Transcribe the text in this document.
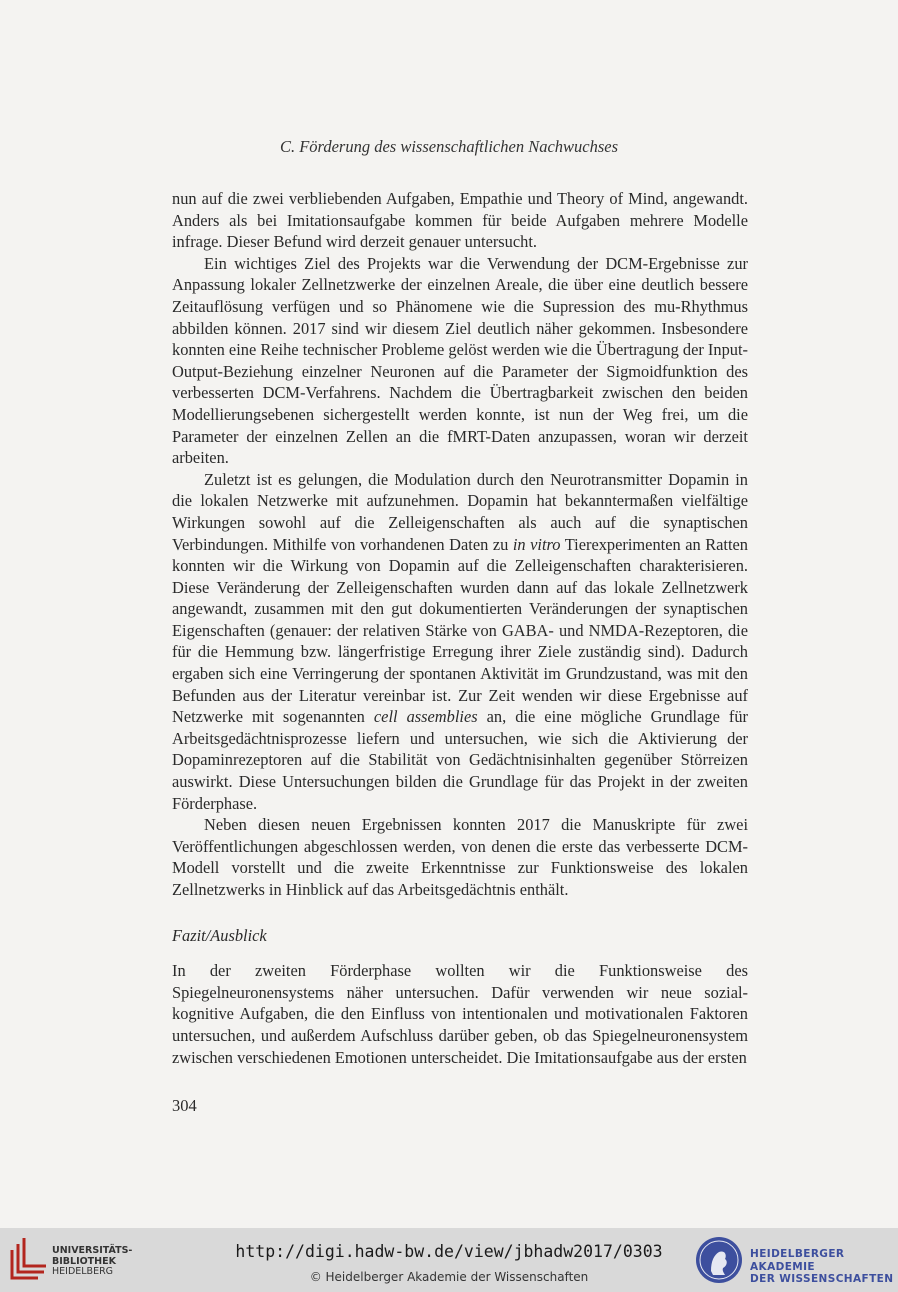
C. Förderung des wissenschaftlichen Nachwuchses

nun auf die zwei verbliebenden Aufgaben, Empathie und Theory of Mind, angewandt. Anders als bei Imitationsaufgabe kommen für beide Aufgaben mehrere Modelle infrage. Dieser Befund wird derzeit genauer untersucht.

Ein wichtiges Ziel des Projekts war die Verwendung der DCM-Ergebnisse zur Anpassung lokaler Zellnetzwerke der einzelnen Areale, die über eine deutlich bessere Zeitauflösung verfügen und so Phänomene wie die Supression des mu-Rhythmus abbilden können. 2017 sind wir diesem Ziel deutlich näher gekommen. Insbesondere konnten eine Reihe technischer Probleme gelöst werden wie die Übertragung der Input-Output-Beziehung einzelner Neuronen auf die Parameter der Sigmoidfunktion des verbesserten DCM-Verfahrens. Nachdem die Übertragbarkeit zwischen den beiden Modellierungsebenen sichergestellt werden konnte, ist nun der Weg frei, um die Parameter der einzelnen Zellen an die fMRT-Daten anzupassen, woran wir derzeit arbeiten.

Zuletzt ist es gelungen, die Modulation durch den Neurotransmitter Dopamin in die lokalen Netzwerke mit aufzunehmen. Dopamin hat bekanntermaßen vielfältige Wirkungen sowohl auf die Zelleigenschaften als auch auf die synaptischen Verbindungen. Mithilfe von vorhandenen Daten zu in vitro Tierexperimenten an Ratten konnten wir die Wirkung von Dopamin auf die Zelleigenschaften charakterisieren. Diese Veränderung der Zelleigenschaften wurden dann auf das lokale Zellnetzwerk angewandt, zusammen mit den gut dokumentierten Veränderungen der synaptischen Eigenschaften (genauer: der relativen Stärke von GABA- und NMDA-Rezeptoren, die für die Hemmung bzw. längerfristige Erregung ihrer Ziele zuständig sind). Dadurch ergaben sich eine Verringerung der spontanen Aktivität im Grundzustand, was mit den Befunden aus der Literatur vereinbar ist. Zur Zeit wenden wir diese Ergebnisse auf Netzwerke mit sogenannten cell assemblies an, die eine mögliche Grundlage für Arbeitsgedächtnisprozesse liefern und untersuchen, wie sich die Aktivierung der Dopaminrezeptoren auf die Stabilität von Gedächtnisinhalten gegenüber Störreizen auswirkt. Diese Untersuchungen bilden die Grundlage für das Projekt in der zweiten Förderphase.

Neben diesen neuen Ergebnissen konnten 2017 die Manuskripte für zwei Veröffentlichungen abgeschlossen werden, von denen die erste das verbesserte DCM-Modell vorstellt und die zweite Erkenntnisse zur Funktionsweise des lokalen Zellnetzwerks in Hinblick auf das Arbeitsgedächtnis enthält.

Fazit/Ausblick

In der zweiten Förderphase wollten wir die Funktionsweise des Spiegelneuronensystems näher untersuchen. Dafür verwenden wir neue sozial-kognitive Aufgaben, die den Einfluss von intentionalen und motivationalen Faktoren untersuchen, und außerdem Aufschluss darüber geben, ob das Spiegelneuronensystem zwischen verschiedenen Emotionen unterscheidet. Die Imitationsaufgabe aus der ersten

304
UNIVERSITÄTS-
BIBLIOTHEK
HEIDELBERG
http://digi.hadw-bw.de/view/jbhadw2017/0303
© Heidelberger Akademie der Wissenschaften
HEIDELBERGER AKADEMIE
DER WISSENSCHAFTEN
